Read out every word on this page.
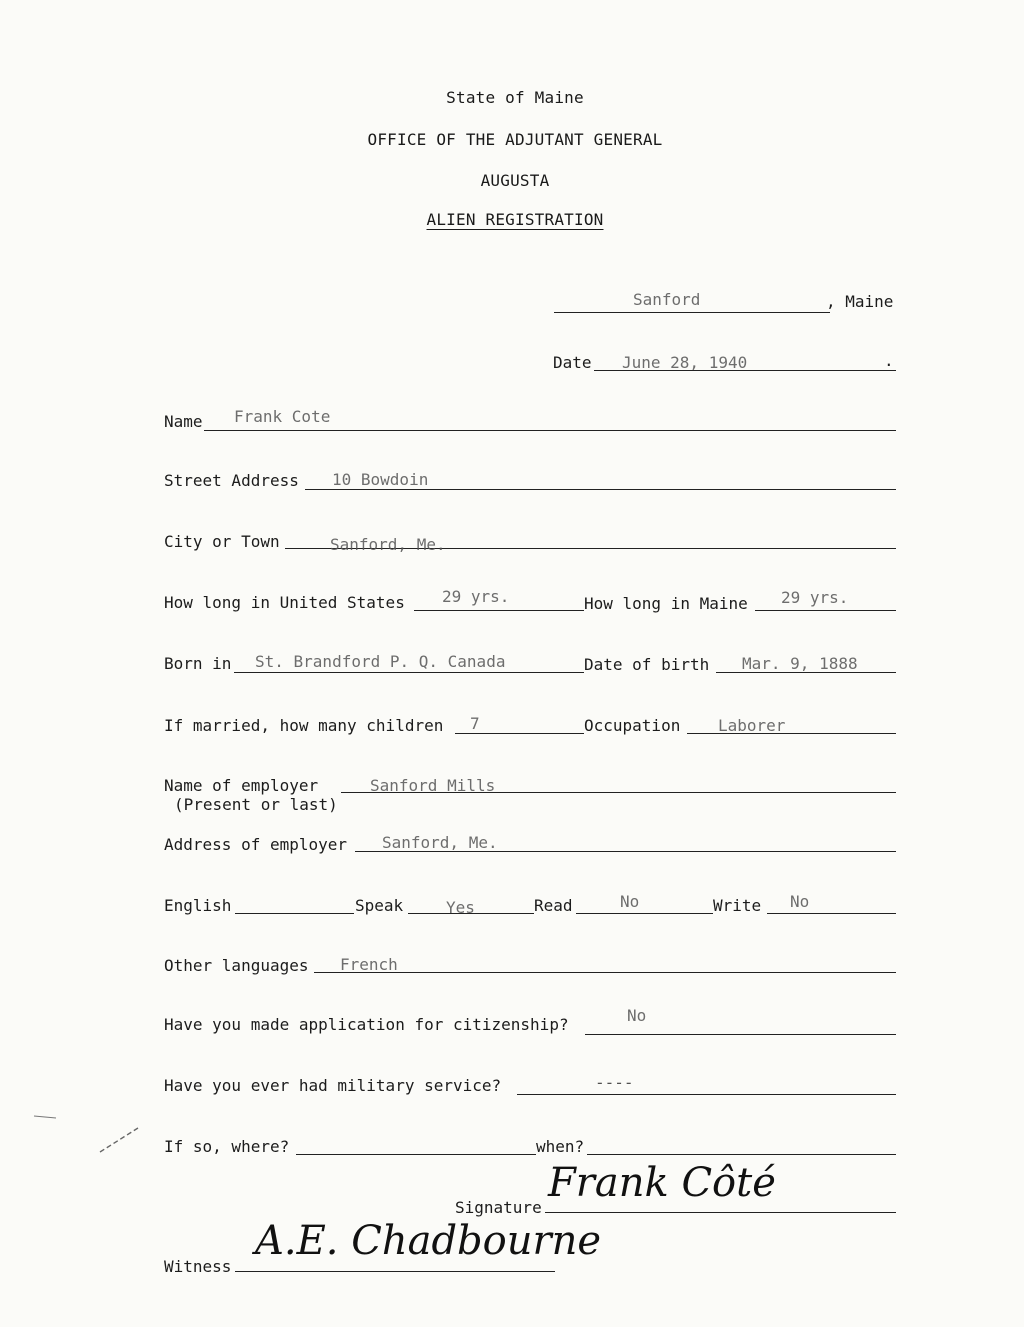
State of Maine
OFFICE OF THE ADJUTANT GENERAL
AUGUSTA
ALIEN REGISTRATION
Sanford	, Maine
Date June 28, 1940	.
Name Frank Cote
Street Address 10 Bowdoin
City or Town	Sanford, Me.
How long in United States 29 yrs.	How long in Maine 29 yrs.
Born in St. Brandford P. Q. Canada	Date of birth Mar. 9, 1888
If married, how many children 7	Occupation Laborer
Name of employer
(Present or last)
Sanford Mills
Address of employer Sanford, Me.
English	Speak	Yes	Read	No	Write No
Other languages French
Have you made application for citizenship?	No
Have you ever had military service?	----
If so, where?	when?
Signature
Frank Côté
Witness
A.E. Chadbourne
